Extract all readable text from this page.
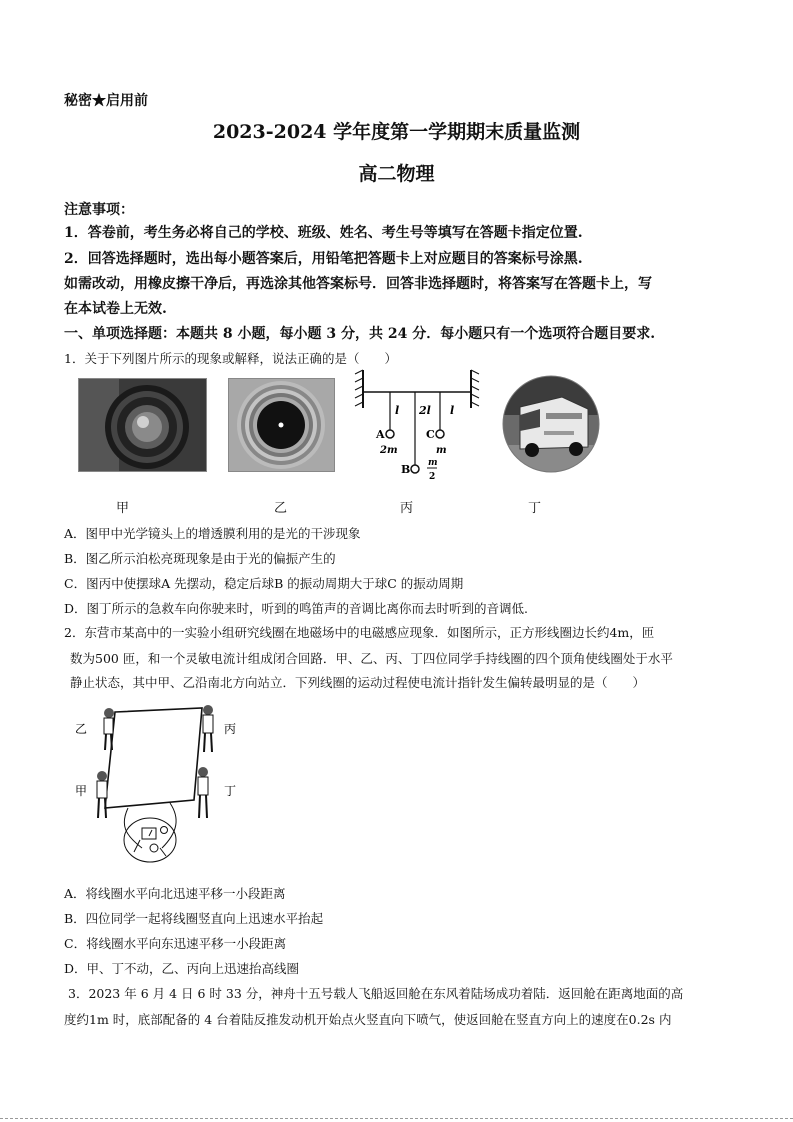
秘密★启用前
2023-2024 学年度第一学期期末质量监测
高二物理
注意事项：
1．答卷前，考生务必将自己的学校、班级、姓名、考生号等填写在答题卡指定位置.
2．回答选择题时，选出每小题答案后，用铅笔把答题卡上对应题目的答案标号涂黑.
如需改动，用橡皮擦干净后，再选涂其他答案标号．回答非选择题时，将答案写在答题卡上，写
在本试卷上无效.
一、单项选择题：本题共 8 小题，每小题 3 分，共 24 分．每小题只有一个选项符合题目要求.
1．关于下列图片所示的现象或解释，说法正确的是（　　）
l 2l l
A	C
B
2m	m
m
2
甲	乙	丙	丁
A．图甲中光学镜头上的增透膜利用的是光的干涉现象
B．图乙所示泊松亮斑现象是由于光的偏振产生的
C．图丙中使摆球A 先摆动，稳定后球B 的振动周期大于球C 的振动周期
D．图丁所示的急救车向你驶来时，听到的鸣笛声的音调比离你而去时听到的音调低.
2．东营市某高中的一实验小组研究线圈在地磁场中的电磁感应现象．如图所示，正方形线圈边长约4m，匝
数为500 匝，和一个灵敏电流计组成闭合回路．甲、乙、丙、丁四位同学手持线圈的四个顶角使线圈处于水平
静止状态，其中甲、乙沿南北方向站立．下列线圈的运动过程使电流计指针发生偏转最明显的是（　　）
乙	丙
甲	丁
A．将线圈水平向北迅速平移一小段距离
B．四位同学一起将线圈竖直向上迅速水平抬起
C．将线圈水平向东迅速平移一小段距离
D．甲、丁不动，乙、丙向上迅速抬高线圈
3．2023 年 6 月 4 日 6 时 33 分，神舟十五号载人飞船返回舱在东风着陆场成功着陆．返回舱在距离地面的高
度约1m 时，底部配备的 4 台着陆反推发动机开始点火竖直向下喷气，使返回舱在竖直方向上的速度在0.2s 内
